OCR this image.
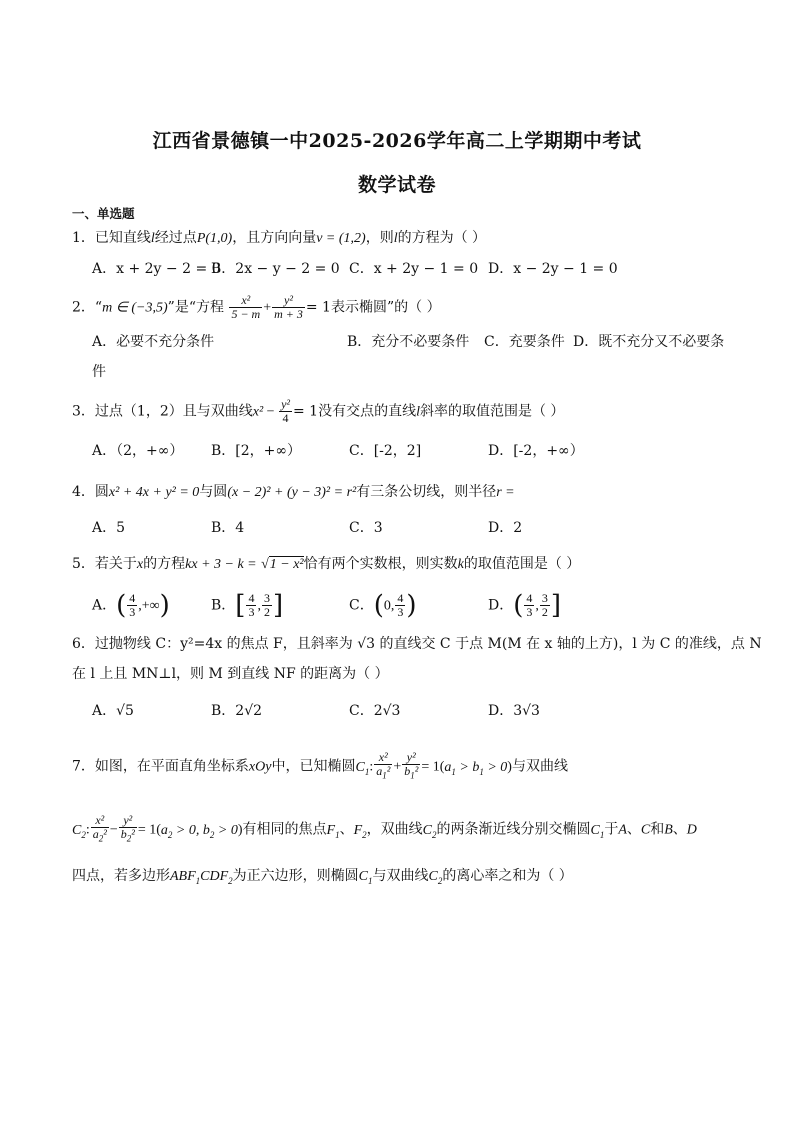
江西省景德镇一中2025-2026学年高二上学期期中考试
数学试卷
一、单选题
1．已知直线l经过点P(1,0)，且方向向量v = (1,2)，则l的方程为（ ）
A．x + 2y − 2 = 0
B．2x − y − 2 = 0 C．x + 2y − 1 = 0 D．x − 2y − 1 = 0
2．“m ∈ (−3,5)”是“方程 $\frac{\text{x²}}{5 - m} + \frac{\text{y²}}{m + 3} = 1$表示椭圆”的（ ）
A．必要不充分条件	B．充分不必要条件 C．充要条件 D．既不充分又不必要条
件
3．过点（1，2）且与双曲线$x^2 - \frac{\text{y²}}{4} = 1$没有交点的直线l斜率的取值范围是（ ）
A．（2，+∞） B．[2，+∞）	C．[-2，2]	D．[-2，+∞）
4．圆x² + 4x + y² = 0与圆(x − 2)² + (y − 3)² = r²有三条公切线，则半径r =
A．5	B．4	C．3	D．2
5．若关于x的方程kx + 3 − k = √1 − x²恰有两个实数根，则实数k的取值范围是（ ）
A．( $\frac{4}{3}$ ,+∞)	B．[ $\frac{4}{3}$ , $\frac{3}{2}$ ]	C．(0, $\frac{4}{3}$ )	D．( $\frac{4}{3}$ , $\frac{3}{2}$ ]
6．过抛物线 C：y²=4x 的焦点 F，且斜率为 √3 的直线交 C 于点 M(M 在 x 轴的上方)，l 为 C 的准线，点 N
在 l 上且 MN⊥l，则 M 到直线 NF 的距离为（ ）
A．√5	B．2√2	C．2√3	D．3√3
7．如图，在平面直角坐标系xOy中，已知椭圆$C_1$: $\frac{\text{x²}}{a_1^2} + \frac{\text{y²}}{b_1^2} = 1(a_1 > b_1 > 0)$与双曲线
$C_2$: $\frac{\text{x²}}{a_2^2} - \frac{\text{y²}}{b_2^2} = 1(a_2 > 0$, $b_2 > 0$)有相同的焦点$F_1$、$F_2$，双曲线$C_2$的两条渐近线分别交椭圆$C_1$于A、C和B、D
四点，若多边形$ABF_1CDF_2$为正六边形，则椭圆$C_1$与双曲线$C_2$的离心率之和为（ ）
